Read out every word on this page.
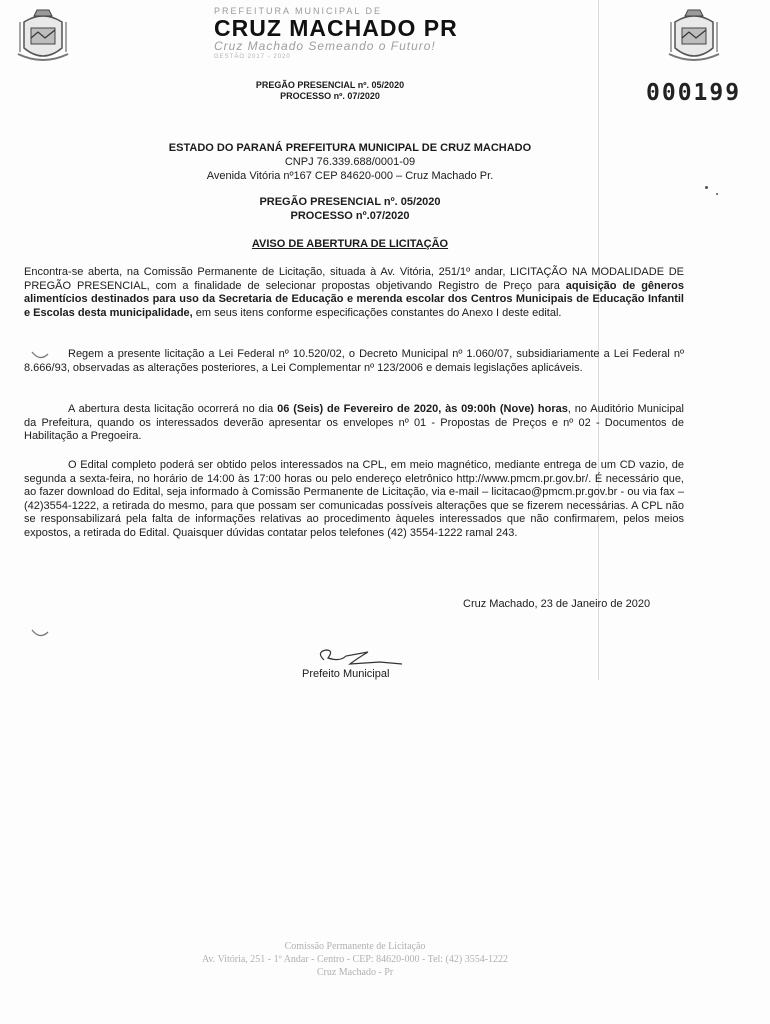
PREFEITURA MUNICIPAL DE
CRUZ MACHADO PR
Cruz Machado Semeando o Futuro!
GESTÃO 2017 - 2020
PREGÃO PRESENCIAL nº. 05/2020
PROCESSO nº. 07/2020	000199
ESTADO DO PARANÁ PREFEITURA MUNICIPAL DE CRUZ MACHADO
CNPJ 76.339.688/0001-09
Avenida Vitória nº167 CEP 84620-000 – Cruz Machado Pr.
PREGÃO PRESENCIAL nº. 05/2020
PROCESSO nº.07/2020
AVISO DE ABERTURA DE LICITAÇÃO
Encontra-se aberta, na Comissão Permanente de Licitação, situada à Av. Vitória, 251/1º andar, LICITAÇÃO NA MODALIDADE DE PREGÃO PRESENCIAL, com a finalidade de selecionar propostas objetivando Registro de Preço para aquisição de gêneros alimentícios destinados para uso da Secretaria de Educação e merenda escolar dos Centros Municipais de Educação Infantil e Escolas desta municipalidade, em seus itens conforme especificações constantes do Anexo I deste edital.
Regem a presente licitação a Lei Federal nº 10.520/02, o Decreto Municipal nº 1.060/07, subsidiariamente a Lei Federal nº 8.666/93, observadas as alterações posteriores, a Lei Complementar nº 123/2006 e demais legislações aplicáveis.
A abertura desta licitação ocorrerá no dia 06 (Seis) de Fevereiro de 2020, às 09:00h (Nove) horas, no Auditório Municipal da Prefeitura, quando os interessados deverão apresentar os envelopes nº 01 - Propostas de Preços e nº 02 - Documentos de Habilitação a Pregoeira.
O Edital completo poderá ser obtido pelos interessados na CPL, em meio magnético, mediante entrega de um CD vazio, de segunda a sexta-feira, no horário de 14:00 às 17:00 horas ou pelo endereço eletrônico http://www.pmcm.pr.gov.br/. É necessário que, ao fazer download do Edital, seja informado à Comissão Permanente de Licitação, via e-mail – licitacao@pmcm.pr.gov.br - ou via fax – (42)3554-1222, a retirada do mesmo, para que possam ser comunicadas possíveis alterações que se fizerem necessárias. A CPL não se responsabilizará pela falta de informações relativas ao procedimento àqueles interessados que não confirmarem, pelos meios expostos, a retirada do Edital. Quaisquer dúvidas contatar pelos telefones (42) 3554-1222 ramal 243.
Cruz Machado, 23 de Janeiro de 2020
Prefeito Municipal
Comissão Permanente de Licitação
Av. Vitória, 251 - 1º Andar - Centro - CEP: 84620-000 - Tel: (42) 3554-1222
Cruz Machado - Pr
